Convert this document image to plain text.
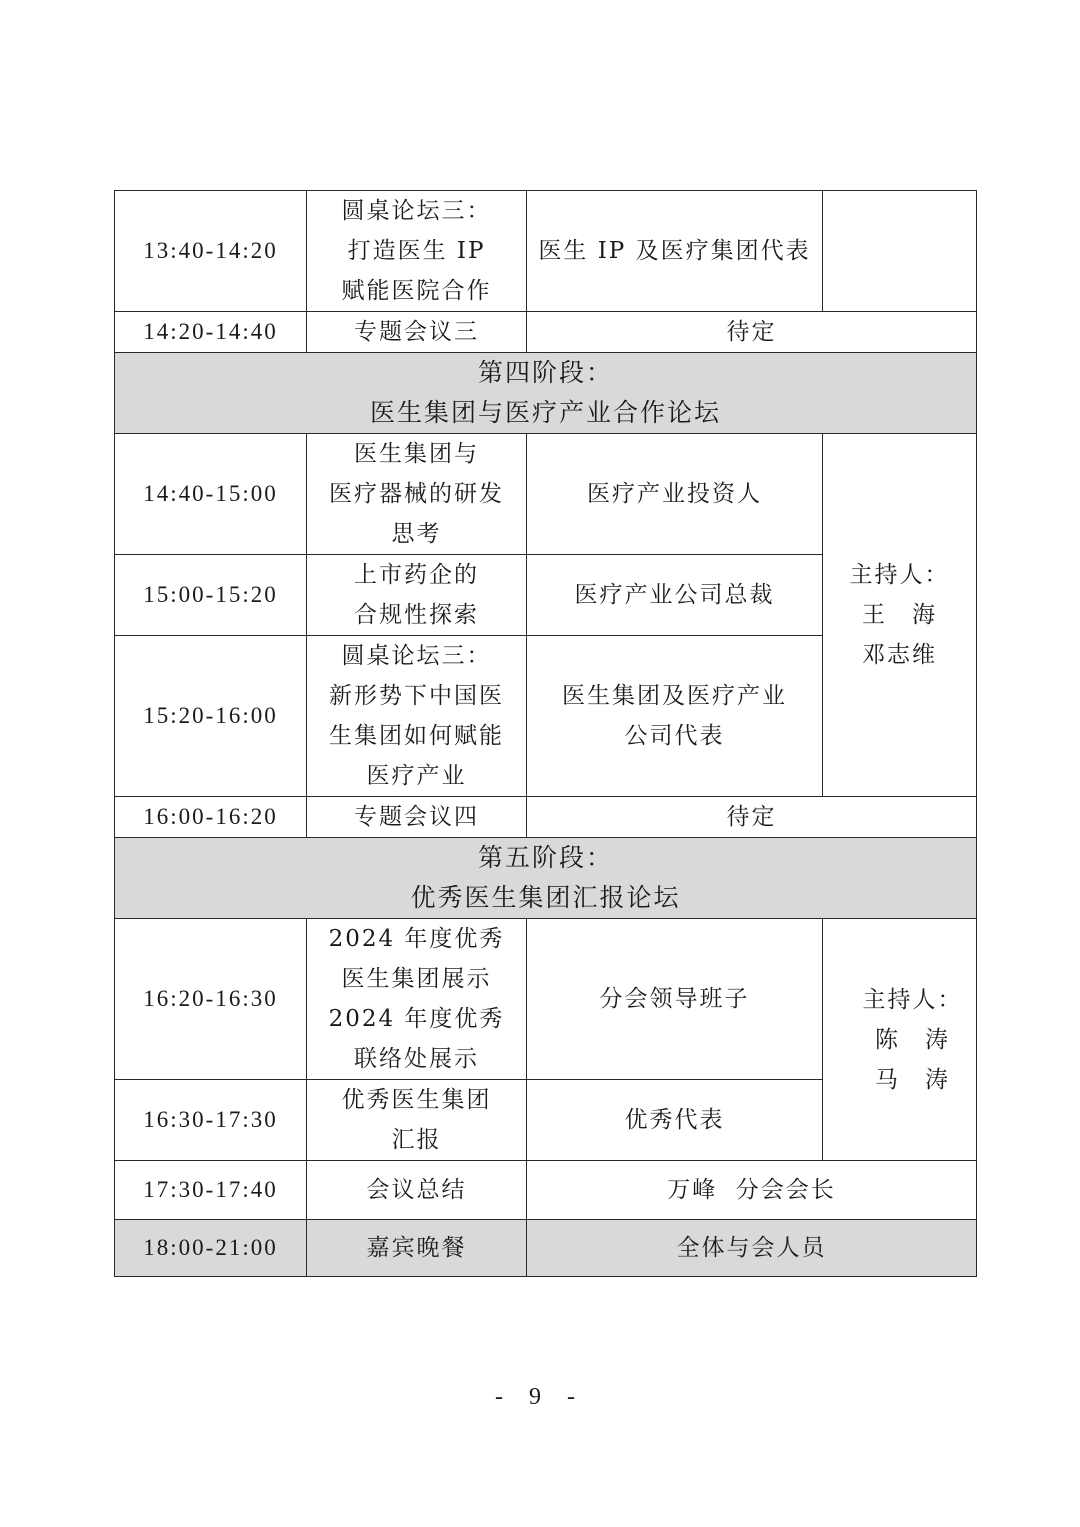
13:40-14:20	圆桌论坛三：
打造医生 IP
赋能医院合作	医生 IP 及医疗集团代表	
14:20-14:40	专题会议三	待定	

第四阶段：
医生集团与医疗产业合作论坛			

14:40-15:00	医生集团与
医疗器械的研发
思考	医疗产业投资人	主持人：
王　海
邓志维

15:00-15:20	上市药企的
合规性探索	医疗产业公司总裁	
15:20-16:00	圆桌论坛三：
新形势下中国医
生集团如何赋能
医疗产业	医生集团及医疗产业
公司代表	

16:00-16:20	专题会议四	待定	

第五阶段：
优秀医生集团汇报论坛			

16:20-16:30	2024 年度优秀
医生集团展示
2024 年度优秀
联络处展示	分会领导班子	主持人：
陈　涛
马　涛

16:30-17:30	优秀医生集团
汇报	优秀代表	
17:30-17:40	会议总结	万峰  分会会长	
18:00-21:00	嘉宾晚餐	全体与会人员	
- 9 -
